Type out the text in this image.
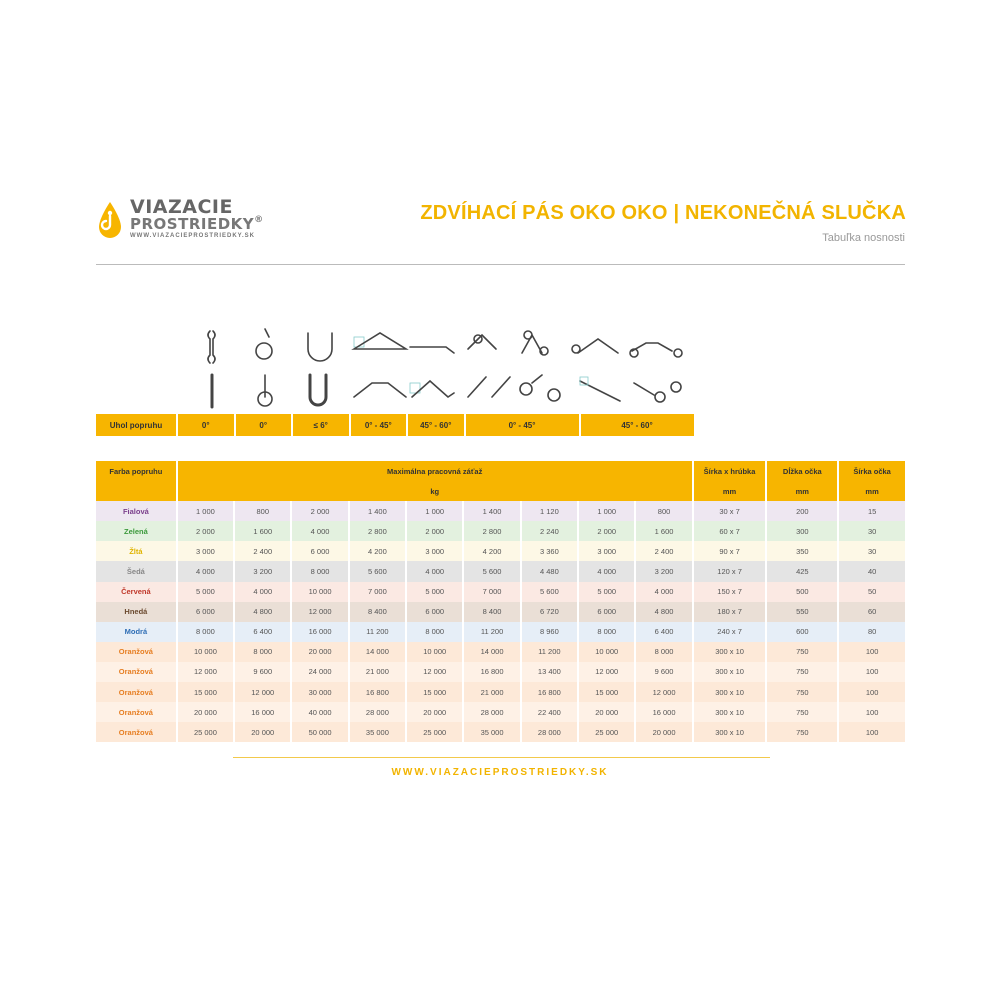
VIAZACIE
PROSTRIEDKY®
WWW.VIAZACIEPROSTRIEDKY.SK
ZDVÍHACÍ PÁS OKO OKO | NEKONEČNÁ SLUČKA
Tabuľka nosnosti
Uhol popruhu	0°	0°	≤ 6°	0° - 45°	45° - 60°	0° - 45°	45° - 60°
Farba popruhu	Maximálna pracovná záťaž	Šírka x hrúbka	Dĺžka očka	Šírka očka
kg	mm	mm	mm
Fialová	1 000	800	2 000	1 400	1 000	1 400	1 120	1 000	800	30 x 7	200	15
Zelená	2 000	1 600	4 000	2 800	2 000	2 800	2 240	2 000	1 600	60 x 7	300	30
Žltá	3 000	2 400	6 000	4 200	3 000	4 200	3 360	3 000	2 400	90 x 7	350	30
Šedá	4 000	3 200	8 000	5 600	4 000	5 600	4 480	4 000	3 200	120 x 7	425	40
Červená	5 000	4 000	10 000	7 000	5 000	7 000	5 600	5 000	4 000	150 x 7	500	50
Hnedá	6 000	4 800	12 000	8 400	6 000	8 400	6 720	6 000	4 800	180 x 7	550	60
Modrá	8 000	6 400	16 000	11 200	8 000	11 200	8 960	8 000	6 400	240 x 7	600	80
Oranžová	10 000	8 000	20 000	14 000	10 000	14 000	11 200	10 000	8 000	300 x 10	750	100
Oranžová	12 000	9 600	24 000	21 000	12 000	16 800	13 400	12 000	9 600	300 x 10	750	100
Oranžová	15 000	12 000	30 000	16 800	15 000	21 000	16 800	15 000	12 000	300 x 10	750	100
Oranžová	20 000	16 000	40 000	28 000	20 000	28 000	22 400	20 000	16 000	300 x 10	750	100
Oranžová	25 000	20 000	50 000	35 000	25 000	35 000	28 000	25 000	20 000	300 x 10	750	100
WWW.VIAZACIEPROSTRIEDKY.SK
